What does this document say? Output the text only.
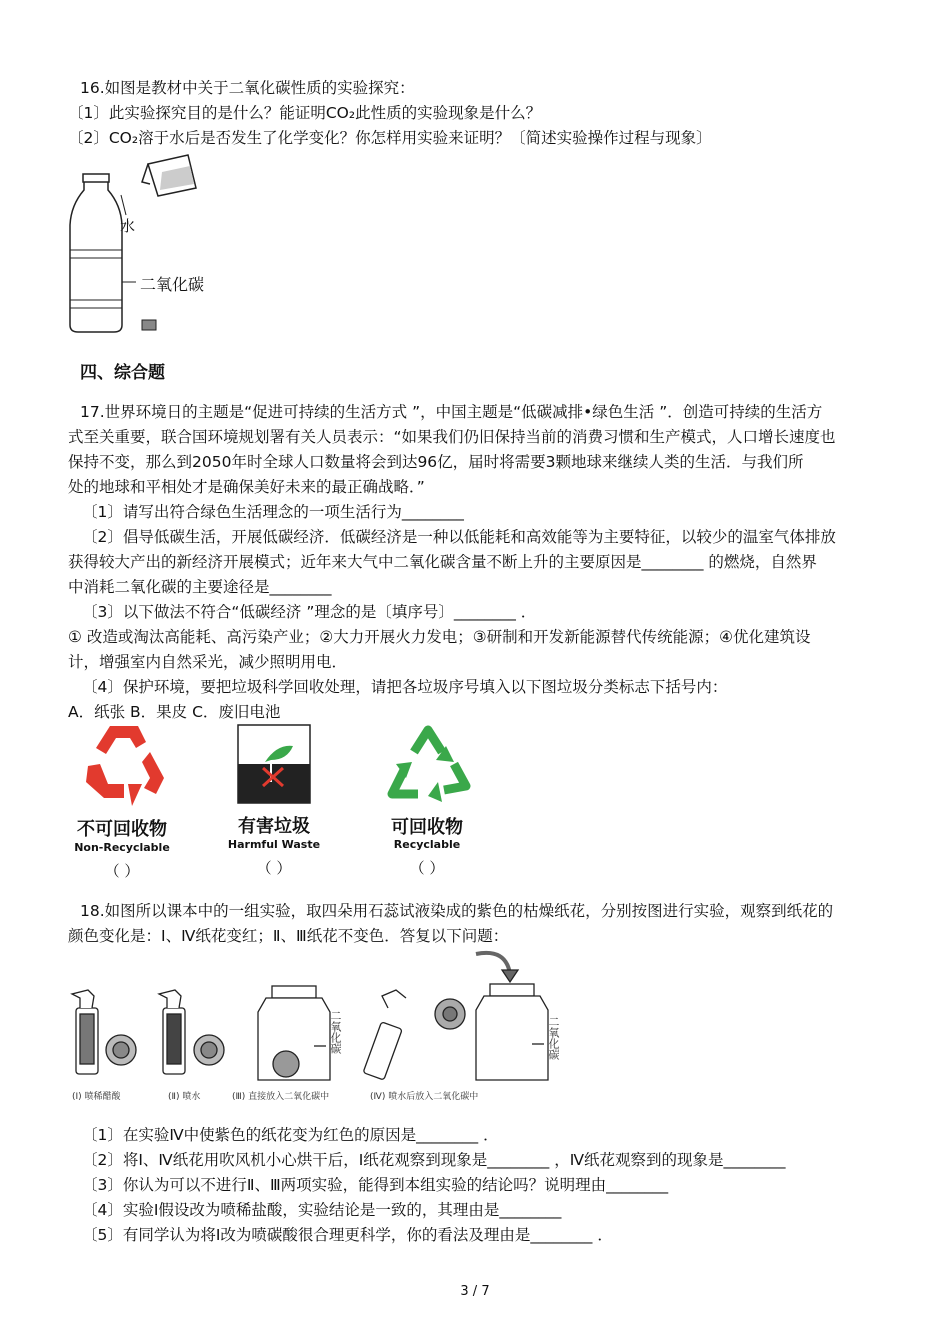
16.如图是教材中关于二氧化碳性质的实验探究：
〔1〕此实验探究目的是什么？能证明CO₂此性质的实验现象是什么？
〔2〕CO₂溶于水后是否发生了化学变化？你怎样用实验来证明？〔简述实验操作过程与现象〕
水
二氧化碳
四、综合题
17.世界环境日的主题是“促进可持续的生活方式 ”，中国主题是“低碳减排•绿色生活 ”．创造可持续的生活方
式至关重要，联合国环境规划署有关人员表示：“如果我们仍旧保持当前的消费习惯和生产模式，人口增长速度也
保持不变，那么到2050年时全球人口数量将会到达96亿，届时将需要3颗地球来继续人类的生活．与我们所
处的地球和平相处才是确保美好未来的最正确战略．”
〔1〕请写出符合绿色生活理念的一项生活行为________
〔2〕倡导低碳生活，开展低碳经济．低碳经济是一种以低能耗和高效能等为主要特征，以较少的温室气体排放
获得较大产出的新经济开展模式；近年来大气中二氧化碳含量不断上升的主要原因是________ 的燃烧，自然界
中消耗二氧化碳的主要途径是________
〔3〕以下做法不符合“低碳经济 ”理念的是〔填序号〕________ ．
① 改造或淘汰高能耗、高污染产业；②大力开展火力发电；③研制和开发新能源替代传统能源；④优化建筑设
计，增强室内自然采光，减少照明用电．
〔4〕保护环境，要把垃圾科学回收处理，请把各垃圾序号填入以下图垃圾分类标志下括号内：
A．纸张 B．果皮 C．废旧电池
不可回收物
Non-Recyclable
（ ）
有害垃圾
Harmful Waste
（ ）
可回收物
Recyclable
（ ）
18.如图所以课本中的一组实验，取四朵用石蕊试液染成的紫色的枯燥纸花，分别按图进行实验，观察到纸花的
颜色变化是：Ⅰ、Ⅳ纸花变红；Ⅱ、Ⅲ纸花不变色．答复以下问题：
(Ⅰ) 喷稀醋酸	(Ⅱ) 喷水	(Ⅲ) 直接放入二氧化碳中	(Ⅳ) 喷水后放入二氧化碳中
二氧化碳	二氧化碳
〔1〕在实验Ⅳ中使紫色的纸花变为红色的原因是________ ．
〔2〕将Ⅰ、Ⅳ纸花用吹风机小心烘干后，Ⅰ纸花观察到现象是________ ，Ⅳ纸花观察到的现象是________
〔3〕你认为可以不进行Ⅱ、Ⅲ两项实验，能得到本组实验的结论吗？说明理由________
〔4〕实验Ⅰ假设改为喷稀盐酸，实验结论是一致的，其理由是________
〔5〕有同学认为将Ⅰ改为喷碳酸很合理更科学，你的看法及理由是________ ．
3 / 7
